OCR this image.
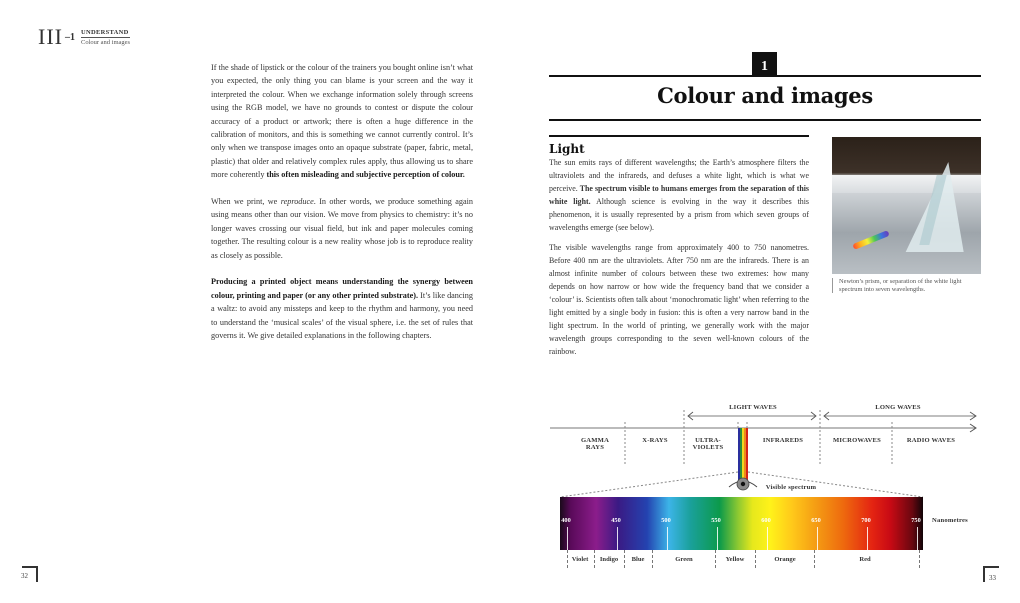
III –1 UNDERSTAND
Colour and images

If the shade of lipstick or the colour of the trainers you bought online isn’t what you expected, the only thing you can blame is your screen and the way it interpreted the colour. When we exchange information solely through screens using the RGB model, we have no grounds to contest or dispute the colour accuracy of a product or artwork; there is often a huge difference in the calibration of monitors, and this is something we cannot currently control. It’s only when we transpose images onto an opaque substrate (paper, fabric, metal, plastic) that older and relatively complex rules apply, thus allowing us to share more coherently this often misleading and subjective perception of colour.

When we print, we reproduce. In other words, we produce something again using means other than our vision. We move from physics to chemistry: it’s no longer waves crossing our visual field, but ink and paper molecules coming together. The resulting colour is a new reality whose job is to reproduce reality as closely as possible.

Producing a printed object means understanding the synergy between colour, printing and paper (or any other printed substrate). It’s like dancing a waltz: to avoid any missteps and keep to the rhythm and harmony, you need to understand the ‘musical scales’ of the visual sphere, i.e. the set of rules that governs it. We give detailed explanations in the following chapters.

1
Colour and images
Light

The sun emits rays of different wavelengths; the Earth’s atmosphere filters the ultraviolets and the infrareds, and defuses a white light, which is what we perceive. The spectrum visible to humans emerges from the separation of this white light. Although science is evolving in the way it describes this phenomenon, it is usually represented by a prism from which seven groups of wavelengths emerge (see below).

The visible wavelengths range from approximately 400 to 750 nanometres. Before 400 nm are the ultraviolets. After 750 nm are the infrareds. There is an almost infinite number of colours between these two extremes: how many depends on how narrow or how wide the frequency band that we consider a ‘colour’ is. Scientists often talk about ‘monochromatic light’ when referring to the light emitted by a single body in fusion: this is often a very narrow band in the light spectrum. In the world of printing, we generally work with the major wavelength groups corresponding to the seven well-known colours of the rainbow.

Newton’s prism, or separation of the white light spectrum into seven wavelengths.
LIGHT WAVES	LONG WAVES
GAMMA RAYS
X-RAYS	ULTRA-VIOLETS
INFRAREDS	MICROWAVES	RADIO WAVES
Visible spectrum
400	450	500	550	600	650	700	750	Nanometres
Violet Indigo Blue	Green	Yellow	Orange	Red
32	33
